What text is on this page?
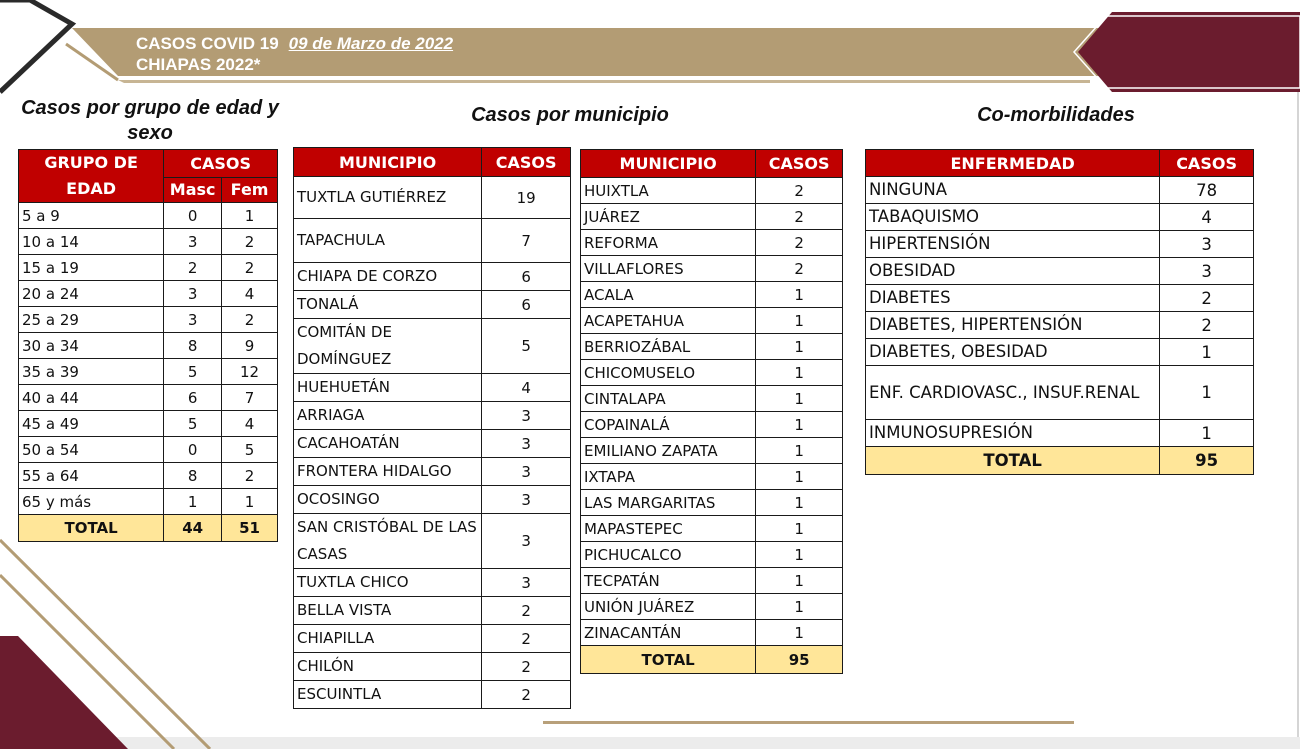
CASOS COVID 19 09 de Marzo de 2022
CHIAPAS 2022*
Casos por grupo de edad y sexo
Casos por municipio	Co-morbilidades
GRUPO DE EDAD	CASOS	
	Masc	Fem
5 a 9	0	1
10 a 14	3	2
15 a 19	2	2
20 a 24	3	4
25 a 29	3	2
30 a 34	8	9
35 a 39	5	12
40 a 44	6	7
45 a 49	5	4
50 a 54	0	5
55 a 64	8	2
65 y más	1	1
TOTAL	44	51
MUNICIPIO	CASOS
TUXTLA GUTIÉRREZ	19
TAPACHULA	7
CHIAPA DE CORZO	6
TONALÁ	6
COMITÁN DE DOMÍNGUEZ	5
HUEHUETÁN	4
ARRIAGA	3
CACAHOATÁN	3
FRONTERA HIDALGO	3
OCOSINGO	3
SAN CRISTÓBAL DE LAS CASAS	3
TUXTLA CHICO	3
BELLA VISTA	2
CHIAPILLA	2
CHILÓN	2
ESCUINTLA	2
MUNICIPIO	CASOS
HUIXTLA	2
JUÁREZ	2
REFORMA	2
VILLAFLORES	2
ACALA	1
ACAPETAHUA	1
BERRIOZÁBAL	1
CHICOMUSELO	1
CINTALAPA	1
COPAINALÁ	1
EMILIANO ZAPATA	1
IXTAPA	1
LAS MARGARITAS	1
MAPASTEPEC	1
PICHUCALCO	1
TECPATÁN	1
UNIÓN JUÁREZ	1
ZINACANTÁN	1
TOTAL	95
ENFERMEDAD	CASOS
NINGUNA	78
TABAQUISMO	4
HIPERTENSIÓN	3
OBESIDAD	3
DIABETES	2
DIABETES, HIPERTENSIÓN	2
DIABETES, OBESIDAD	1
ENF. CARDIOVASC., INSUF.RENAL	1
INMUNOSUPRESIÓN	1
TOTAL	95
